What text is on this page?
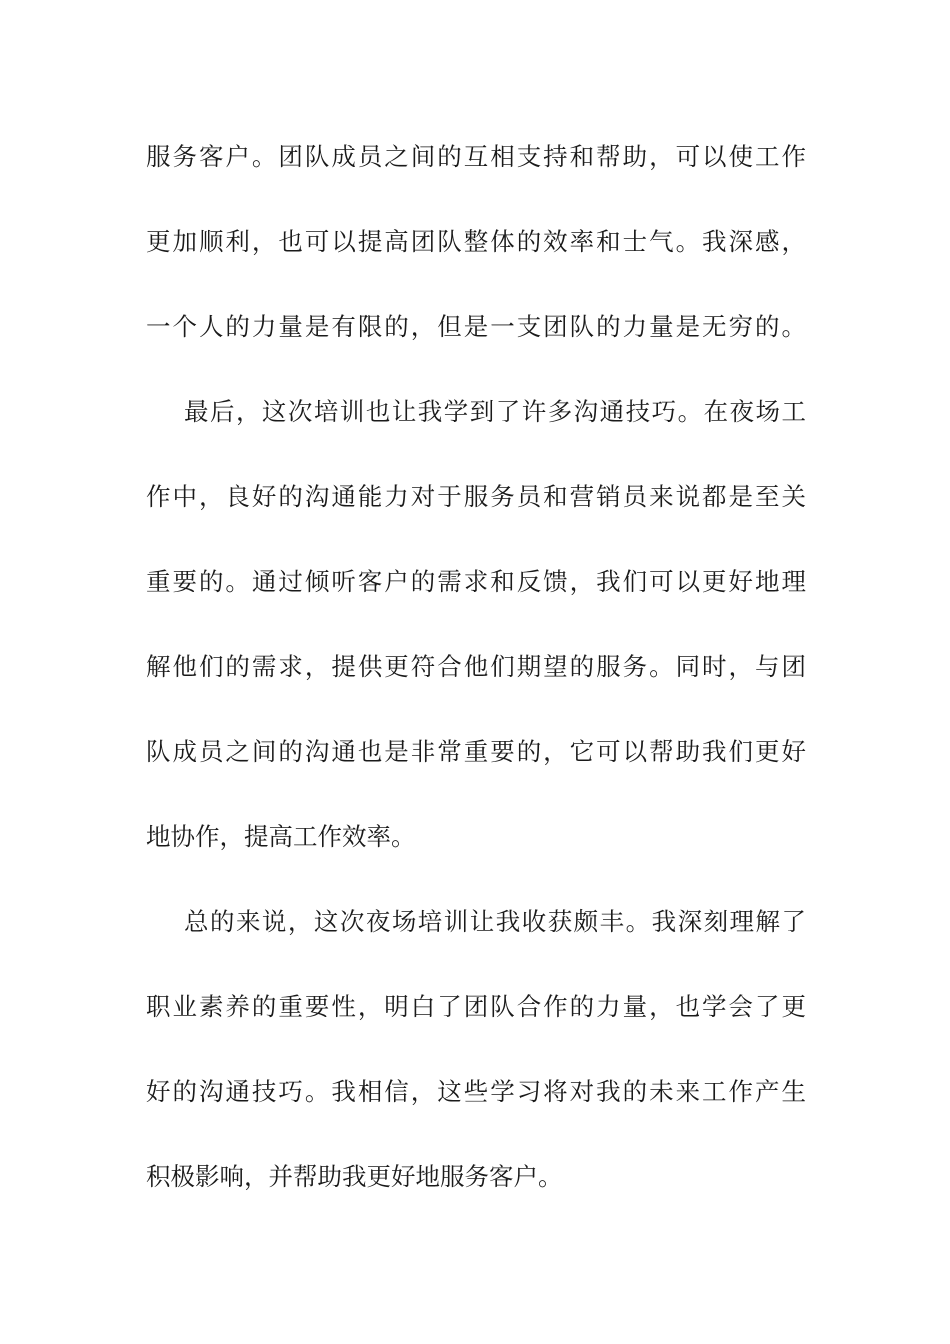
服务客户。团队成员之间的互相支持和帮助，可以使工作
更加顺利，也可以提高团队整体的效率和士气。我深感，
一个人的力量是有限的，但是一支团队的力量是无穷的。
最后，这次培训也让我学到了许多沟通技巧。在夜场工
作中，良好的沟通能力对于服务员和营销员来说都是至关
重要的。通过倾听客户的需求和反馈，我们可以更好地理
解他们的需求，提供更符合他们期望的服务。同时，与团
队成员之间的沟通也是非常重要的，它可以帮助我们更好
地协作，提高工作效率。
总的来说，这次夜场培训让我收获颇丰。我深刻理解了
职业素养的重要性，明白了团队合作的力量，也学会了更
好的沟通技巧。我相信，这些学习将对我的未来工作产生
积极影响，并帮助我更好地服务客户。
